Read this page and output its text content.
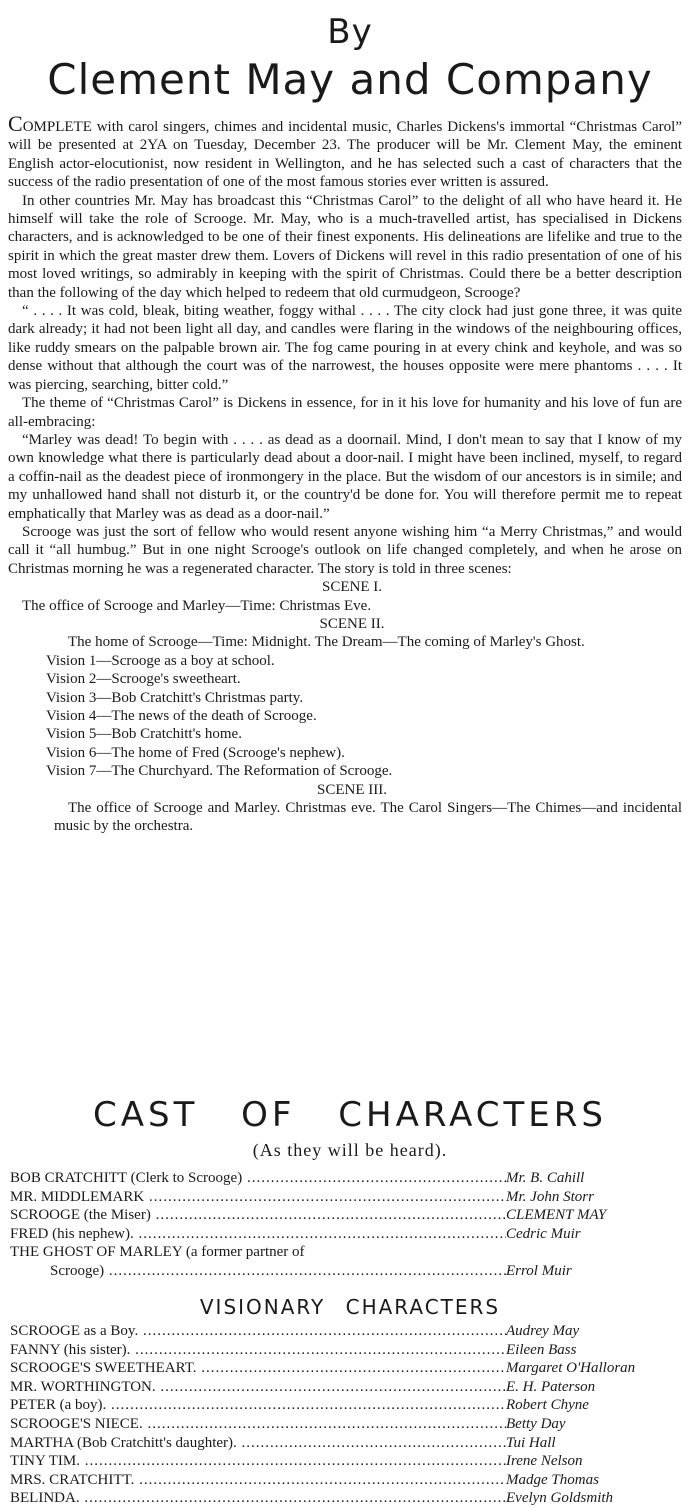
By
Clement May and Company

COMPLETE with carol singers, chimes and incidental music, Charles Dickens's immortal “Christmas Carol” will be presented at 2YA on Tuesday, December 23. The producer will be Mr. Clement May, the eminent English actor-elocutionist, now resident in Wellington, and he has selected such a cast of characters that the success of the radio presentation of one of the most famous stories ever written is assured.

In other countries Mr. May has broadcast this “Christmas Carol” to the delight of all who have heard it. He himself will take the role of Scrooge. Mr. May, who is a much-travelled artist, has specialised in Dickens characters, and is acknowledged to be one of their finest exponents. His delineations are lifelike and true to the spirit in which the great master drew them. Lovers of Dickens will revel in this radio presentation of one of his most loved writings, so admirably in keeping with the spirit of Christmas. Could there be a better description than the following of the day which helped to redeem that old curmudgeon, Scrooge?

“ . . . . It was cold, bleak, biting weather, foggy withal . . . . The city clock had just gone three, it was quite dark already; it had not been light all day, and candles were flaring in the windows of the neighbouring offices, like ruddy smears on the palpable brown air. The fog came pouring in at every chink and keyhole, and was so dense without that although the court was of the narrowest, the houses opposite were mere phantoms . . . . It was piercing, searching, bitter cold.”

The theme of “Christmas Carol” is Dickens in essence, for in it his love for humanity and his love of fun are all-embracing:

“Marley was dead! To begin with . . . . as dead as a doornail. Mind, I don't mean to say that I know of my own knowledge what there is particularly dead about a door-nail. I might have been inclined, myself, to regard a coffin-nail as the deadest piece of ironmongery in the place. But the wisdom of our ancestors is in simile; and my unhallowed hand shall not disturb it, or the country'd be done for. You will therefore permit me to repeat emphatically that Marley was as dead as a door-nail.”

Scrooge was just the sort of fellow who would resent anyone wishing him “a Merry Christmas,” and would call it “all humbug.” But in one night Scrooge's outlook on life changed completely, and when he arose on Christmas morning he was a regenerated character. The story is told in three scenes:

SCENE I.

The office of Scrooge and Marley—Time: Christmas Eve.

SCENE II.

The home of Scrooge—Time: Midnight. The Dream—The coming of Marley's Ghost.

Vision 1—Scrooge as a boy at school.

Vision 2—Scrooge's sweetheart.

Vision 3—Bob Cratchitt's Christmas party.

Vision 4—The news of the death of Scrooge.

Vision 5—Bob Cratchitt's home.

Vision 6—The home of Fred (Scrooge's nephew).

Vision 7—The Churchyard. The Reformation of Scrooge.

SCENE III.

The office of Scrooge and Marley. Christmas eve. The Carol Singers—The Chimes—and incidental music by the orchestra.

CAST OF CHARACTERS
(As they will be heard).
BOB CRATCHITT (Clerk to Scrooge) .....	Mr. B. Cahill
MR. MIDDLEMARK .....	Mr. John Storr
SCROOGE (the Miser) .....	CLEMENT MAY
FRED (his nephew). .....	Cedric Muir
THE GHOST OF MARLEY (a former partner of
Scrooge) .....	Errol Muir
VISIONARY CHARACTERS
SCROOGE as a Boy. .....	Audrey May
FANNY (his sister). .....	Eileen Bass
SCROOGE'S SWEETHEART. .....	Margaret O'Halloran
MR. WORTHINGTON. .....	E. H. Paterson
PETER (a boy). .....	Robert Chyne
SCROOGE'S NIECE. .....	Betty Day
MARTHA (Bob Cratchitt's daughter). .....	Tui Hall
TINY TIM. .....	Irene Nelson
MRS. CRATCHITT. .....	Madge Thomas
BELINDA. .....	Evelyn Goldsmith
